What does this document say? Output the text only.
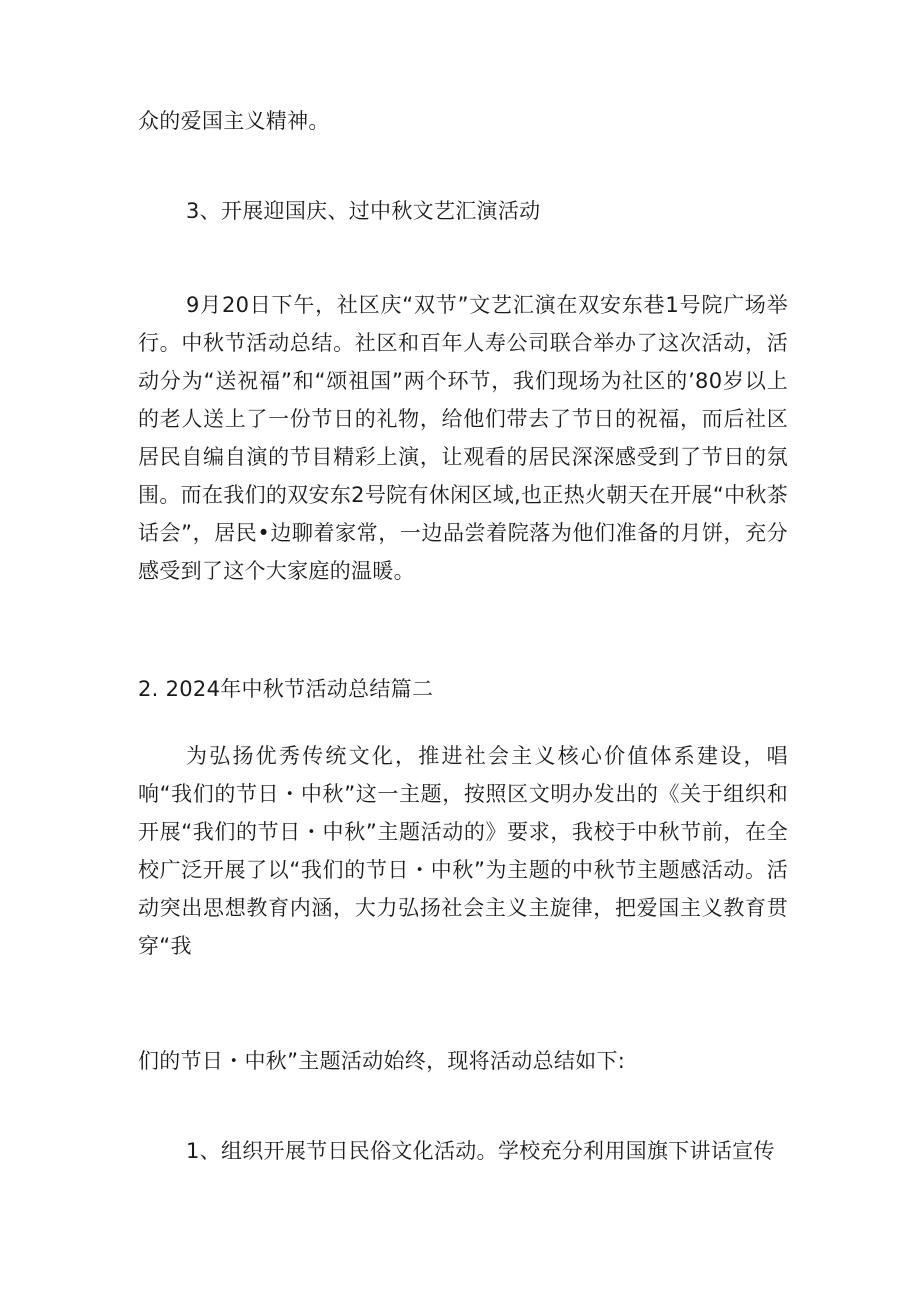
众的爱国主义精神。
3、开展迎国庆、过中秋文艺汇演活动
9月20日下午，社区庆“双节”文艺汇演在双安东巷1号院广场举行。中秋节活动总结。社区和百年人寿公司联合举办了这次活动，活动分为“送祝福”和“颂祖国”两个环节，我们现场为社区的’80岁以上的老人送上了一份节日的礼物，给他们带去了节日的祝福，而后社区居民自编自演的节目精彩上演，让观看的居民深深感受到了节日的氛围。而在我们的双安东2号院有休闲区域,也正热火朝天在开展“中秋茶话会”，居民•边聊着家常，一边品尝着院落为他们准备的月饼，充分感受到了这个大家庭的温暖。
2. 2024年中秋节活动总结篇二
为弘扬优秀传统文化，推进社会主义核心价值体系建设，唱响“我们的节日・中秋”这一主题，按照区文明办发出的《关于组织和开展“我们的节日・中秋”主题活动的》要求，我校于中秋节前，在全校广泛开展了以“我们的节日・中秋”为主题的中秋节主题感活动。活动突出思想教育内涵，大力弘扬社会主义主旋律，把爱国主义教育贯穿“我
们的节日・中秋”主题活动始终，现将活动总结如下:
1、组织开展节日民俗文化活动。学校充分利用国旗下讲话宣传
